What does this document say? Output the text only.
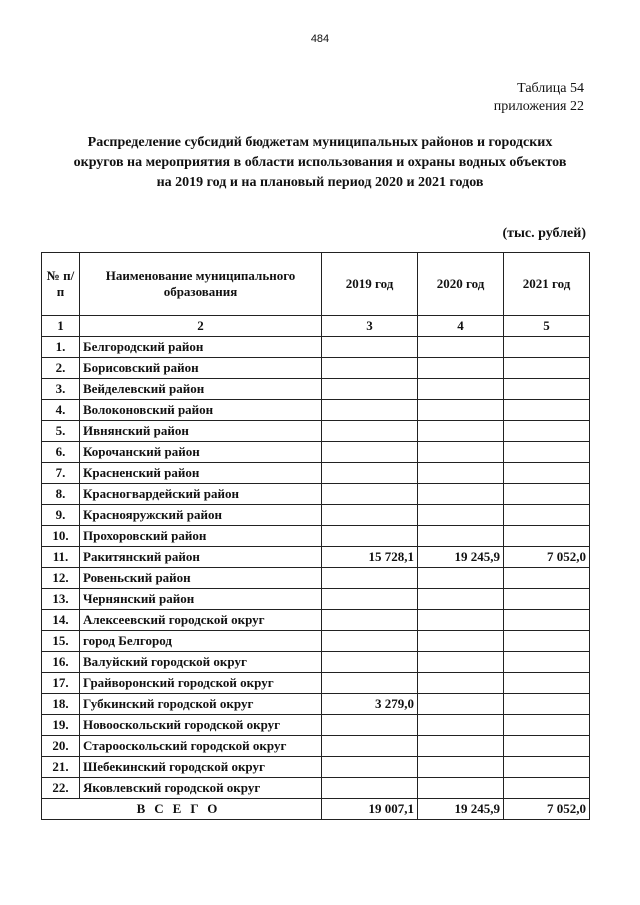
484
Таблица 54
приложения 22
Распределение субсидий бюджетам муниципальных районов и городских округов на мероприятия в области использования и охраны водных объектов на 2019 год и на плановый период 2020 и 2021 годов
(тыс. рублей)
№ п/п	Наименование муниципального образования	2019 год	2020 год	2021 год
1	2	3	4	5
1.	Белгородский район			
2.	Борисовский район			
3.	Вейделевский район			
4.	Волоконовский район			
5.	Ивнянский район			
6.	Корочанский район			
7.	Красненский район			
8.	Красногвардейский район			
9.	Краснояружский район			
10.	Прохоровский район			
11.	Ракитянский район	15 728,1	19 245,9	7 052,0
12.	Ровеньский район			
13.	Чернянский район			
14.	Алексеевский городской округ			
15.	город Белгород			
16.	Валуйский городской округ			
17.	Грайворонский городской округ			
18.	Губкинский городской округ	3 279,0		
19.	Новооскольский городской округ			
20.	Старооскольский городской округ			
21.	Шебекинский городской округ			
22.	Яковлевский городской округ			
ВСЕГО		19 007,1	19 245,9	7 052,0
